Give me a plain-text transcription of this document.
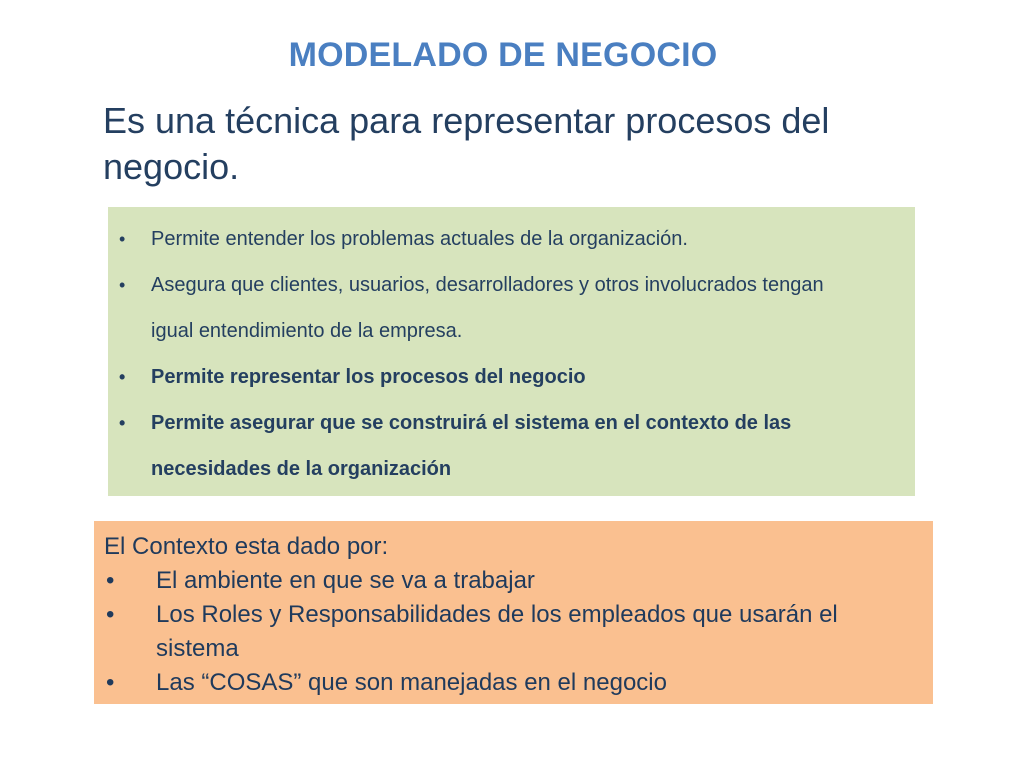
MODELADO DE NEGOCIO
Es una técnica para representar procesos del negocio.
• Permite entender los problemas actuales de la organización.
• Asegura que clientes, usuarios, desarrolladores y otros involucrados tengan igual entendimiento de la empresa.
• Permite representar los procesos del negocio
• Permite asegurar que se construirá el sistema en el contexto de las necesidades de la organización
El Contexto esta dado por:
• El ambiente en que se va a trabajar
• Los Roles y Responsabilidades de los empleados que usarán el sistema
• Las “COSAS” que son manejadas en el negocio
